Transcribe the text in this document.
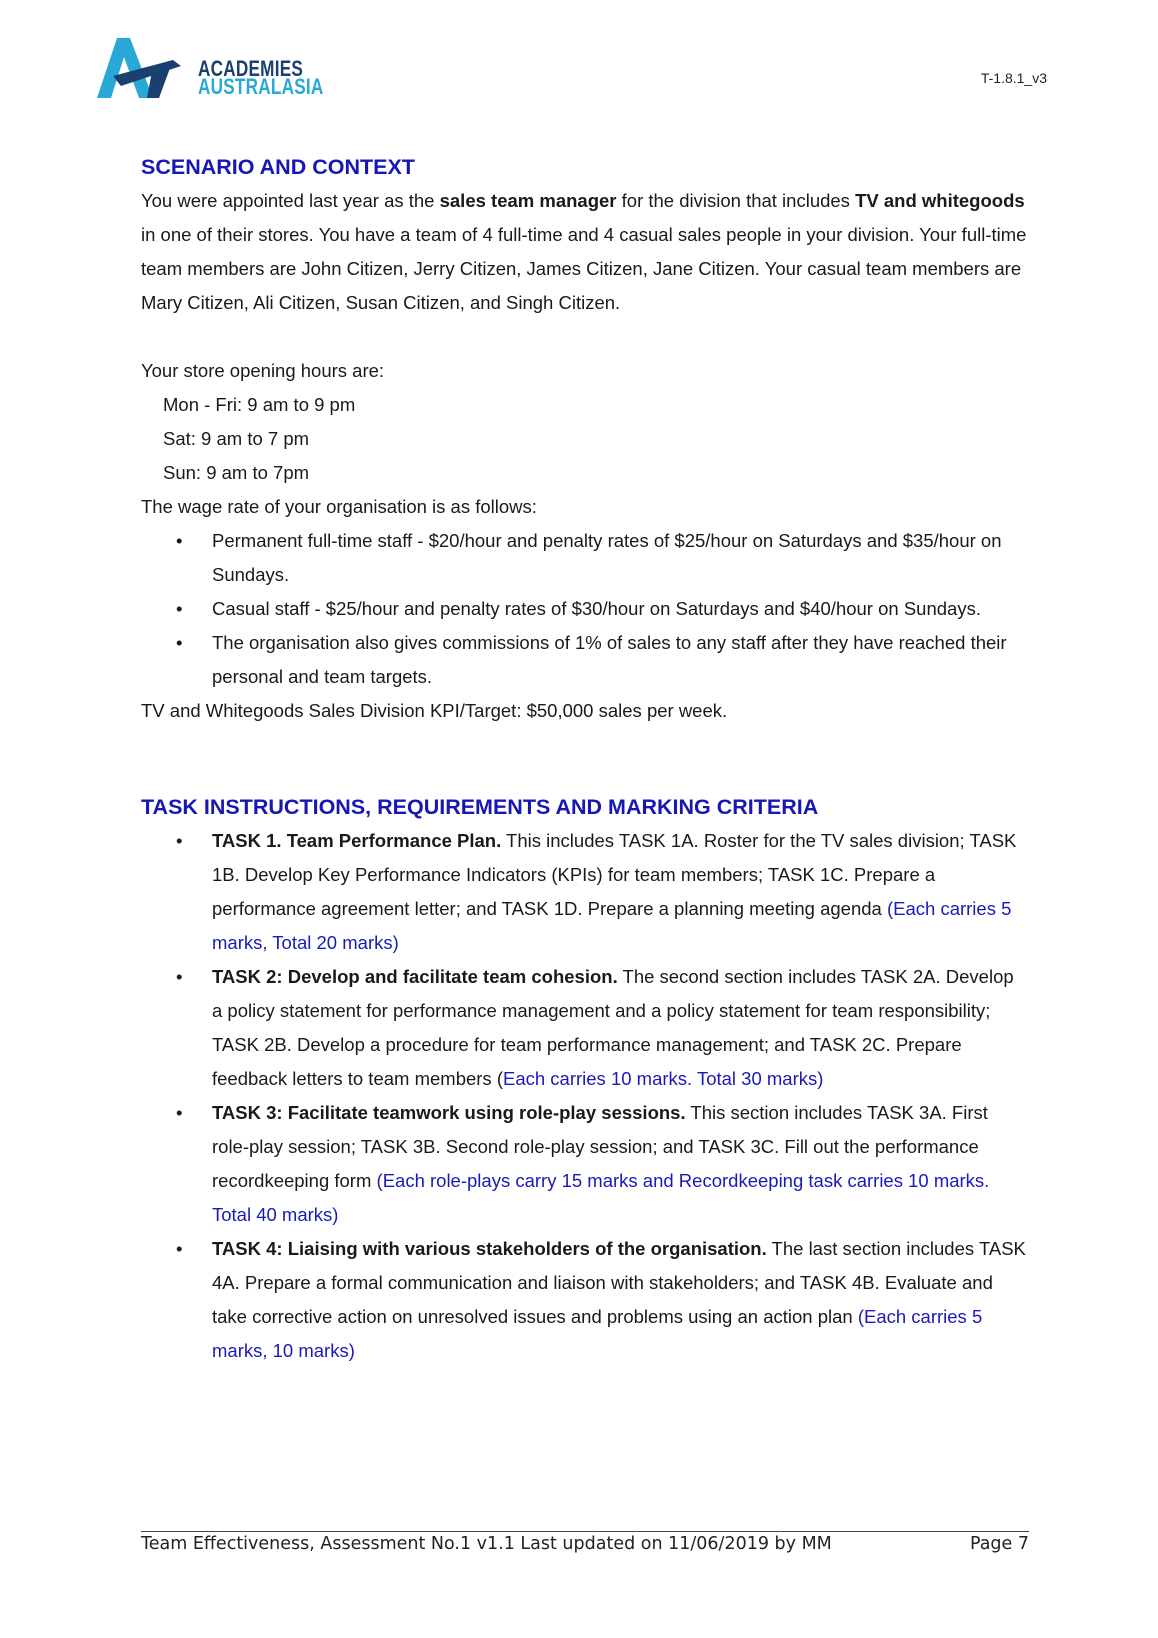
ACADEMIES
AUSTRALASIA	T-1.8.1_v3
SCENARIO AND CONTEXT

You were appointed last year as the sales team manager for the division that includes TV and whitegoods in one of their stores. You have a team of 4 full-time and 4 casual sales people in your division. Your full-time team members are John Citizen, Jerry Citizen, James Citizen, Jane Citizen. Your casual team members are Mary Citizen, Ali Citizen, Susan Citizen, and Singh Citizen.

Your store opening hours are:

Mon - Fri: 9 am to 9 pm

Sat: 9 am to 7 pm

Sun: 9 am to 7pm

The wage rate of your organisation is as follows:

• Permanent full-time staff - $20/hour and penalty rates of $25/hour on Saturdays and $35/hour on Sundays.
• Casual staff - $25/hour and penalty rates of $30/hour on Saturdays and $40/hour on Sundays.
• The organisation also gives commissions of 1% of sales to any staff after they have reached their personal and team targets.

TV and Whitegoods Sales Division KPI/Target: $50,000 sales per week.

TASK INSTRUCTIONS, REQUIREMENTS AND MARKING CRITERIA
• TASK 1. Team Performance Plan. This includes TASK 1A. Roster for the TV sales division; TASK 1B. Develop Key Performance Indicators (KPIs) for team members; TASK 1C. Prepare a performance agreement letter; and TASK 1D. Prepare a planning meeting agenda (Each carries 5 marks, Total 20 marks)
• TASK 2: Develop and facilitate team cohesion. The second section includes TASK 2A. Develop a policy statement for performance management and a policy statement for team responsibility; TASK 2B. Develop a procedure for team performance management; and TASK 2C. Prepare feedback letters to team members (Each carries 10 marks. Total 30 marks)
• TASK 3: Facilitate teamwork using role-play sessions. This section includes TASK 3A. First role-play session; TASK 3B. Second role-play session; and TASK 3C. Fill out the performance recordkeeping form (Each role-plays carry 15 marks and Recordkeeping task carries 10 marks. Total 40 marks)
• TASK 4: Liaising with various stakeholders of the organisation. The last section includes TASK 4A. Prepare a formal communication and liaison with stakeholders; and TASK 4B. Evaluate and take corrective action on unresolved issues and problems using an action plan (Each carries 5 marks, 10 marks)
Team Effectiveness, Assessment No.1 v1.1 Last updated on 11/06/2019 by MM	Page 7
